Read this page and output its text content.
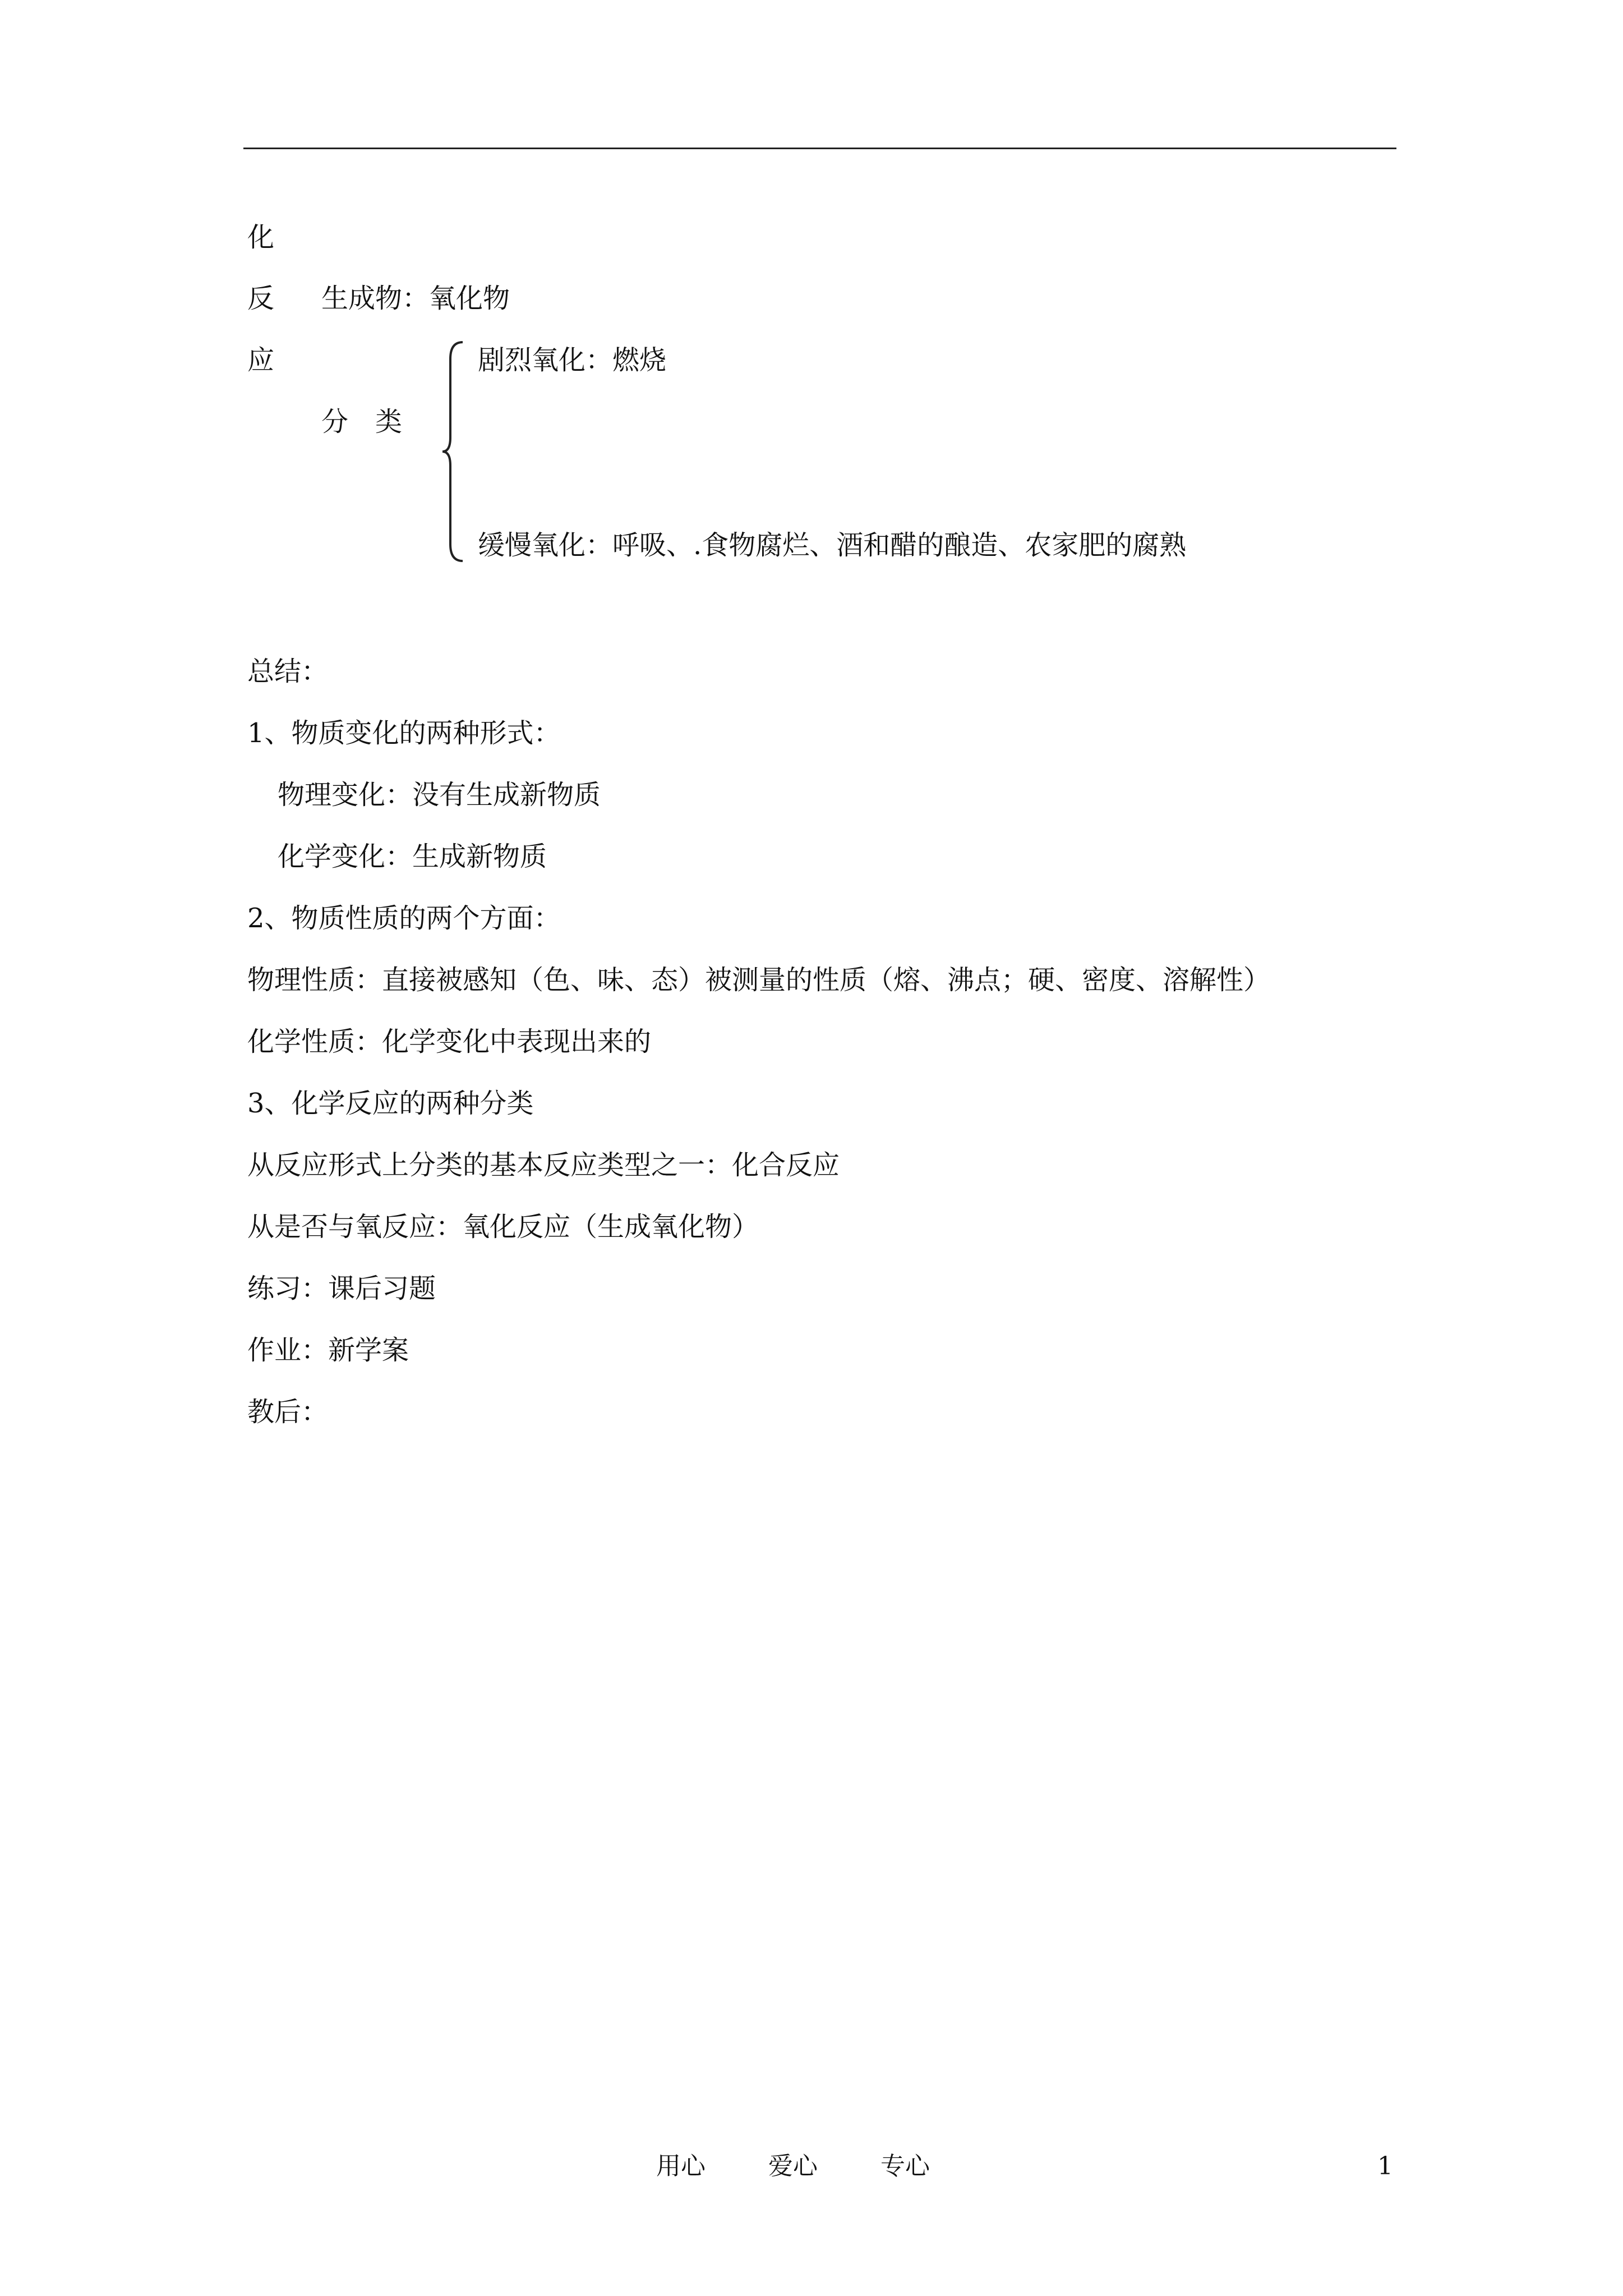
化
反
应
生成物：氧化物
分　类
剧烈氧化：燃烧
缓慢氧化：呼吸、.食物腐烂、酒和醋的酿造、农家肥的腐熟
总结：
1、物质变化的两种形式：
物理变化：没有生成新物质
化学变化：生成新物质
2、物质性质的两个方面：
物理性质：直接被感知（色、味、态）被测量的性质（熔、沸点；硬、密度、溶解性）
化学性质：化学变化中表现出来的
3、化学反应的两种分类
从反应形式上分类的基本反应类型之一：化合反应
从是否与氧反应：氧化反应（生成氧化物）
练习：课后习题
作业：新学案
教后：
用心	爱心	专心	1
